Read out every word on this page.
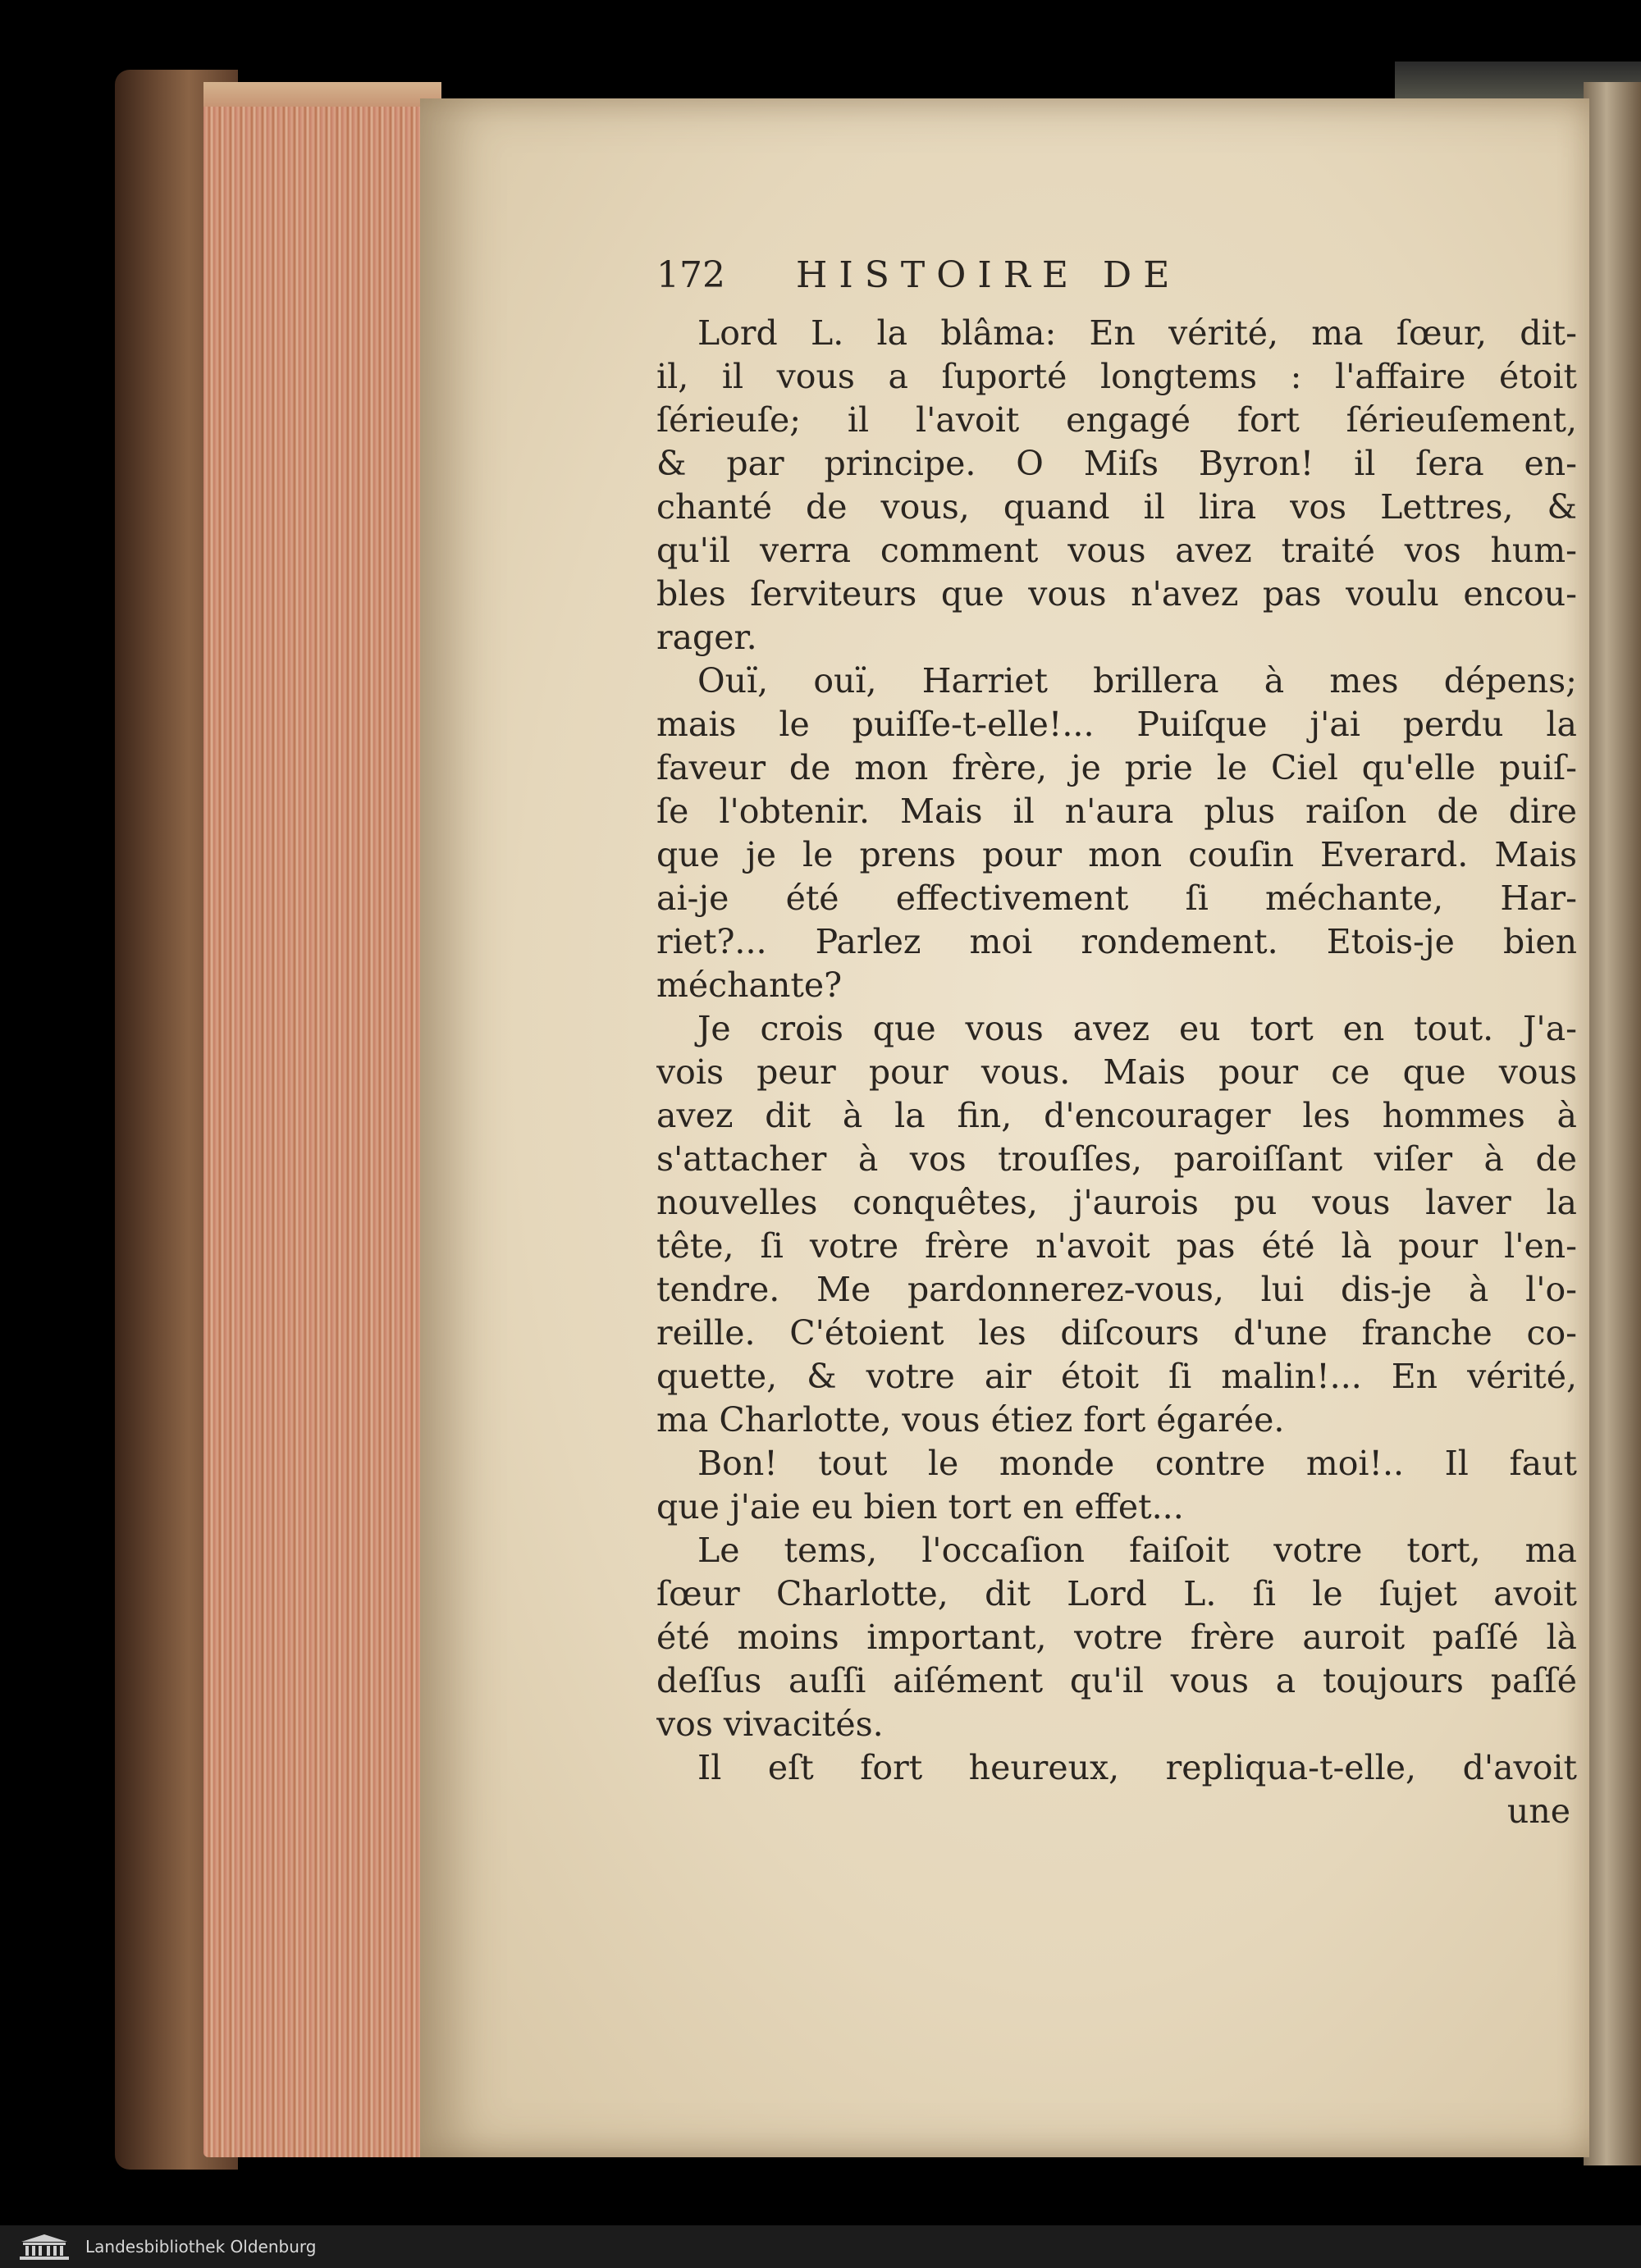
172	HISTOIRE DE
Lord L. la blâma: En vérité, ma ſœur, dit-
il, il vous a ſuporté longtems : l'affaire étoit
ſérieuſe; il l'avoit engagé fort ſérieuſement,
& par principe. O Miſs Byron! il ſera en-
chanté de vous, quand il lira vos Lettres, &
qu'il verra comment vous avez traité vos hum-
bles ſerviteurs que vous n'avez pas voulu encou-
rager.
Ouï, ouï, Harriet brillera à mes dépens;
mais le puiſſe-t-elle!... Puiſque j'ai perdu la
faveur de mon frère, je prie le Ciel qu'elle puiſ-
ſe l'obtenir. Mais il n'aura plus raiſon de dire
que je le prens pour mon couſin Everard. Mais
ai-je été effectivement ſi méchante, Har-
riet?... Parlez moi rondement. Etois-je bien
méchante?
Je crois que vous avez eu tort en tout. J'a-
vois peur pour vous. Mais pour ce que vous
avez dit à la fin, d'encourager les hommes à
s'attacher à vos trouſſes, paroiſſant viſer à de
nouvelles conquêtes, j'aurois pu vous laver la
tête, ſi votre frère n'avoit pas été là pour l'en-
tendre. Me pardonnerez-vous, lui dis-je à l'o-
reille. C'étoient les diſcours d'une franche co-
quette, & votre air étoit ſi malin!... En vérité,
ma Charlotte, vous étiez fort égarée.
Bon! tout le monde contre moi!.. Il faut
que j'aie eu bien tort en effet...
Le tems, l'occaſion faiſoit votre tort, ma
ſœur Charlotte, dit Lord L. ſi le ſujet avoit
été moins important, votre frère auroit paſſé là
deſſus auſſi aiſément qu'il vous a toujours paſſé
vos vivacités.
Il eſt fort heureux, repliqua-t-elle, d'avoit
une
Landesbibliothek Oldenburg
